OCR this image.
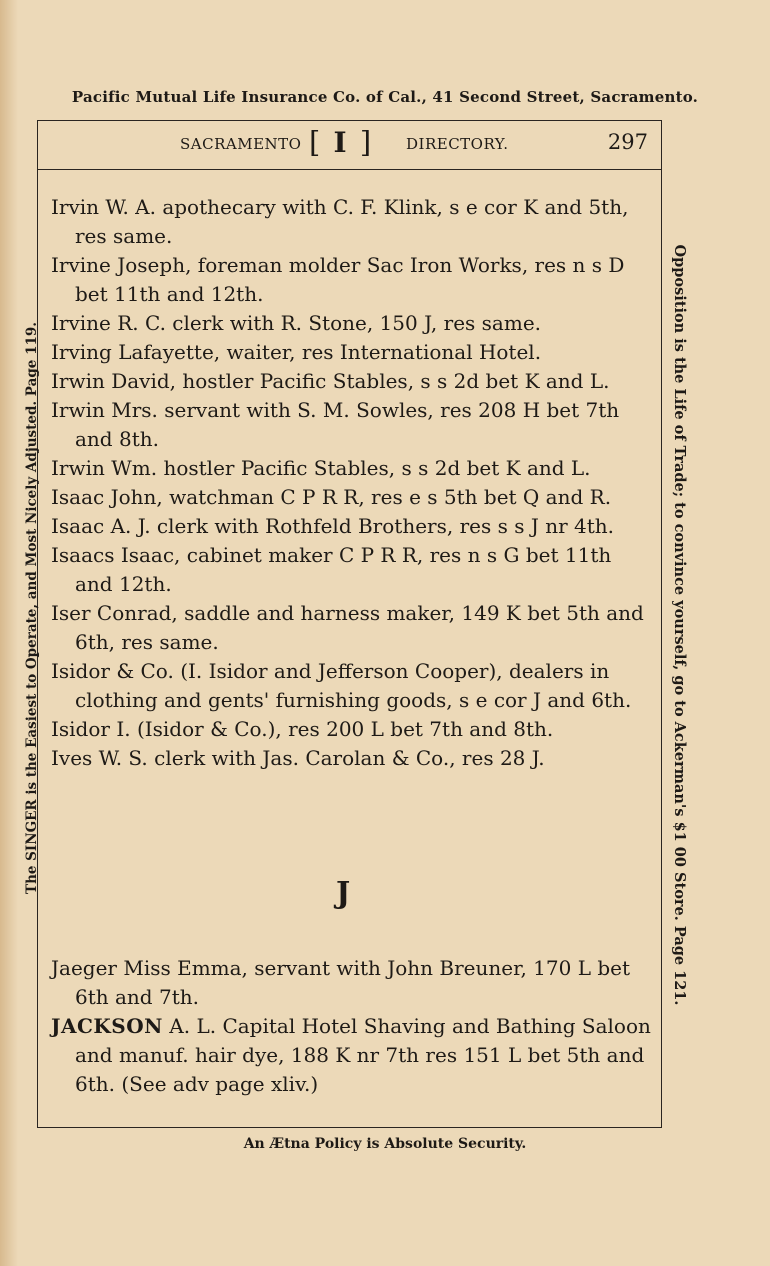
Pacific Mutual Life Insurance Co. of Cal., 41 Second Street, Sacramento.
SACRAMENTO [ I ] DIRECTORY.	297
Irvin W. A. apothecary with C. F. Klink, s e cor K and 5th, res same.
Irvine Joseph, foreman molder Sac Iron Works, res n s D bet 11th and 12th.
Irvine R. C. clerk with R. Stone, 150 J, res same.
Irving Lafayette, waiter, res International Hotel.
Irwin David, hostler Pacific Stables, s s 2d bet K and L.
Irwin Mrs. servant with S. M. Sowles, res 208 H bet 7th and 8th.
Irwin Wm. hostler Pacific Stables, s s 2d bet K and L.
Isaac John, watchman C P R R, res e s 5th bet Q and R.
Isaac A. J. clerk with Rothfeld Brothers, res s s J nr 4th.
Isaacs Isaac, cabinet maker C P R R, res n s G bet 11th and 12th.
Iser Conrad, saddle and harness maker, 149 K bet 5th and 6th, res same.
Isidor & Co. (I. Isidor and Jefferson Cooper), dealers in clothing and gents' furnishing goods, s e cor J and 6th.
Isidor I. (Isidor & Co.), res 200 L bet 7th and 8th.
Ives W. S. clerk with Jas. Carolan & Co., res 28 J.
J
Jaeger Miss Emma, servant with John Breuner, 170 L bet 6th and 7th.
JACKSON A. L. Capital Hotel Shaving and Bathing Saloon and manuf. hair dye, 188 K nr 7th res 151 L bet 5th and 6th. (See adv page xliv.)
The SINGER is the Easiest to Operate, and Most Nicely Adjusted. Page 119.	Opposition is the Life of Trade; to convince yourself, go to Ackerman's $1 00 Store. Page 121.
An Ætna Policy is Absolute Security.
